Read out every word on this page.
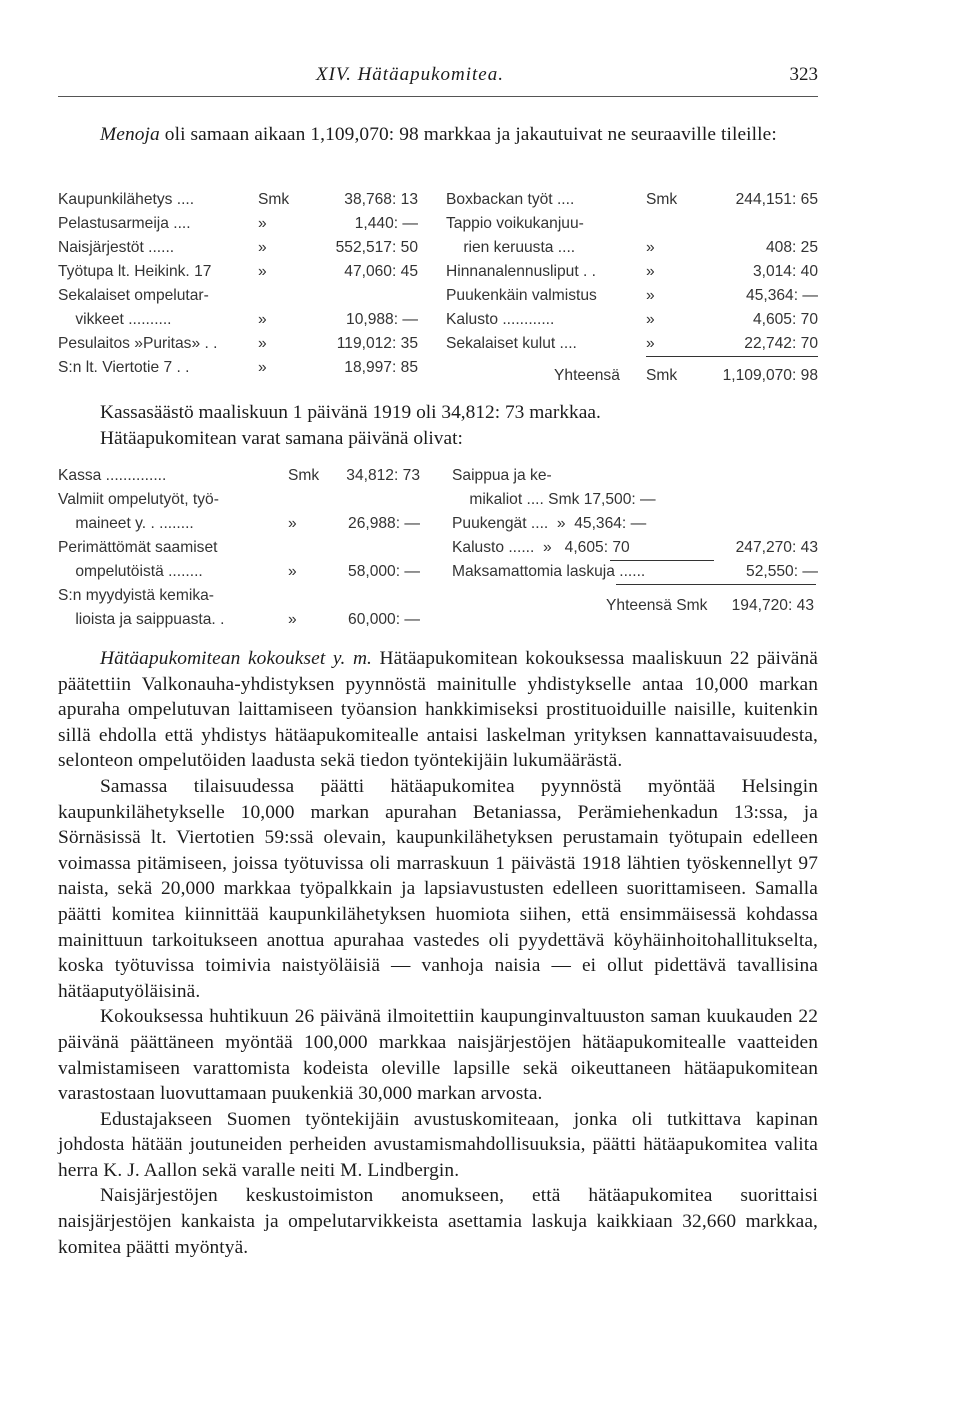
XIV. Hätäapukomitea.	323

Menoja oli samaan aikaan 1,109,070: 98 markkaa ja jakautuivat ne seuraaville tileille:

Kaupunkilähetys ....	Smk	38,768: 13
Pelastusarmeija ....	»	1,440: —
Naisjärjestöt ......	»	552,517: 50
Työtupa lt. Heikink. 17	»	47,060: 45
Sekalaiset ompelutar-
vikkeet ..........	»	10,988: —
Pesulaitos »Puritas» . .	»	119,012: 35
S:n lt. Viertotie 7 . .	»	18,997: 85
Boxbackan työt ....	Smk	244,151: 65
Tappio voikukanjuu-
rien keruusta ....	»	408: 25
Hinnanalennusliput . .	»	3,014: 40
Puukenkäin valmistus	»	45,364: —
Kalusto ............	»	4,605: 70
Sekalaiset kulut ....	»	22,742: 70
Yhteensä Smk	1,109,070: 98
Kassasäästö maaliskuun 1 päivänä 1919 oli 34,812: 73 markkaa.
Hätäapukomitean varat samana päivänä olivat:
Kassa ..............	Smk 34,812: 73
Valmiit ompelutyöt, työ-
maineet y. . ........	»	26,988: —
Perimättömät saamiset
ompelutöistä ........	»	58,000: —
S:n myydyistä kemika-
lioista ja saippuasta. .	»	60,000: —
Saippua ja ke-
mikaliot .... Smk 17,500: —
Puukengät ....  »  45,364: —
Kalusto ......  »   4,605: 70	247,270: 43
Maksamattomia laskuja ......	52,550: —
Yhteensä Smk 194,720: 43

Hätäapukomitean kokoukset y. m. Hätäapukomitean kokouksessa maaliskuun 22 päivänä päätettiin Valkonauha-yhdistyksen pyynnöstä mainitulle yhdistykselle antaa 10,000 markan apuraha ompelutuvan laittamiseen työansion hankkimiseksi prostituoiduille naisille, kuitenkin sillä ehdolla että yhdistys hätäapukomitealle antaisi laskelman yrityksen kannattavaisuudesta, selonteon ompelutöiden laadusta sekä tiedon työntekijäin lukumäärästä.

Samassa tilaisuudessa päätti hätäapukomitea pyynnöstä myöntää Helsingin kaupunkilähetykselle 10,000 markan apurahan Betaniassa, Perämiehenkadun 13:ssa, ja Sörnäsissä lt. Viertotien 59:ssä olevain, kaupunkilähetyksen perustamain työtupain edelleen voimassa pitämiseen, joissa työtuvissa oli marraskuun 1 päivästä 1918 lähtien työskennellyt 97 naista, sekä 20,000 markkaa työpalkkain ja lapsiavustusten edelleen suorittamiseen. Samalla päätti komitea kiinnittää kaupunkilähetyksen huomiota siihen, että ensimmäisessä kohdassa mainittuun tarkoitukseen anottua apurahaa vastedes oli pyydettävä köyhäinhoitohallitukselta, koska työtuvissa toimivia naistyöläisiä — vanhoja naisia — ei ollut pidettävä tavallisina hätäaputyöläisinä.

Kokouksessa huhtikuun 26 päivänä ilmoitettiin kaupunginvaltuuston saman kuukauden 22 päivänä päättäneen myöntää 100,000 markkaa naisjärjestöjen hätäapukomitealle vaatteiden valmistamiseen varattomista kodeista oleville lapsille sekä oikeuttaneen hätäapukomitean varastostaan luovuttamaan puukenkiä 30,000 markan arvosta.

Edustajakseen Suomen työntekijäin avustuskomiteaan, jonka oli tutkittava kapinan johdosta hätään joutuneiden perheiden avustamismahdollisuuksia, päätti hätäapukomitea valita herra K. J. Aallon sekä varalle neiti M. Lindbergin.

Naisjärjestöjen keskustoimiston anomukseen, että hätäapukomitea suorittaisi naisjärjestöjen kankaista ja ompelutarvikkeista asettamia laskuja kaikkiaan 32,660 markkaa, komitea päätti myöntyä.
